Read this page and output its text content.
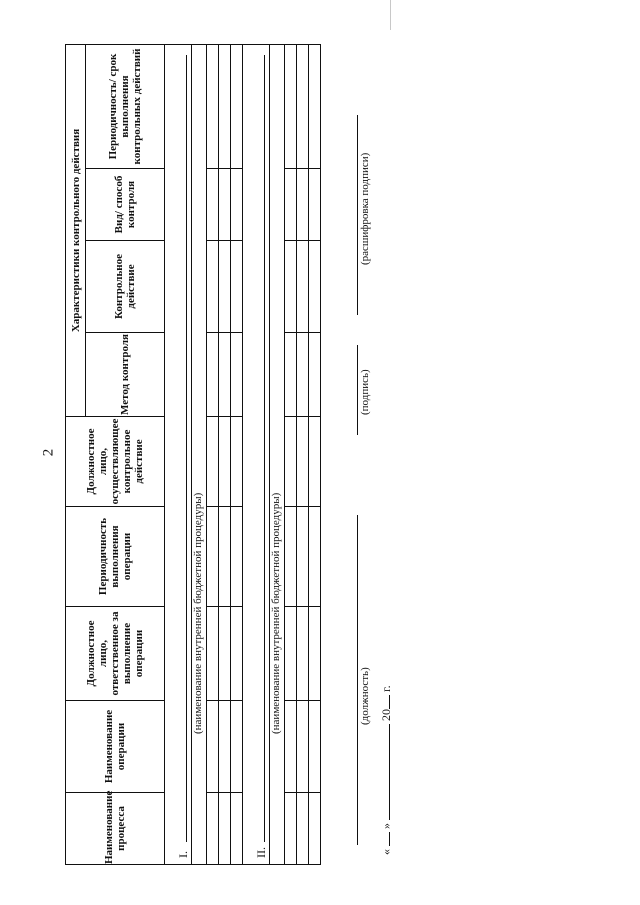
2
Наименование процесса	Наименование операции	Должностное лицо, ответственное за выполнение операции	Периодичность выполнения операции	Должностное лицо, осуществляющее контрольное действие	Характеристики контрольного действия			
					Метод контроля	Контрольное действие	Вид/ способ контроля	Периодичность/ срок выполнения контрольных действий

I.								

(наименование внутренней бюджетной процедуры)								

II.								

(наименование внутренней бюджетной процедуры)								

									(должность)
(подпись)
(расшифровка подписи)
«  »  20 г.
